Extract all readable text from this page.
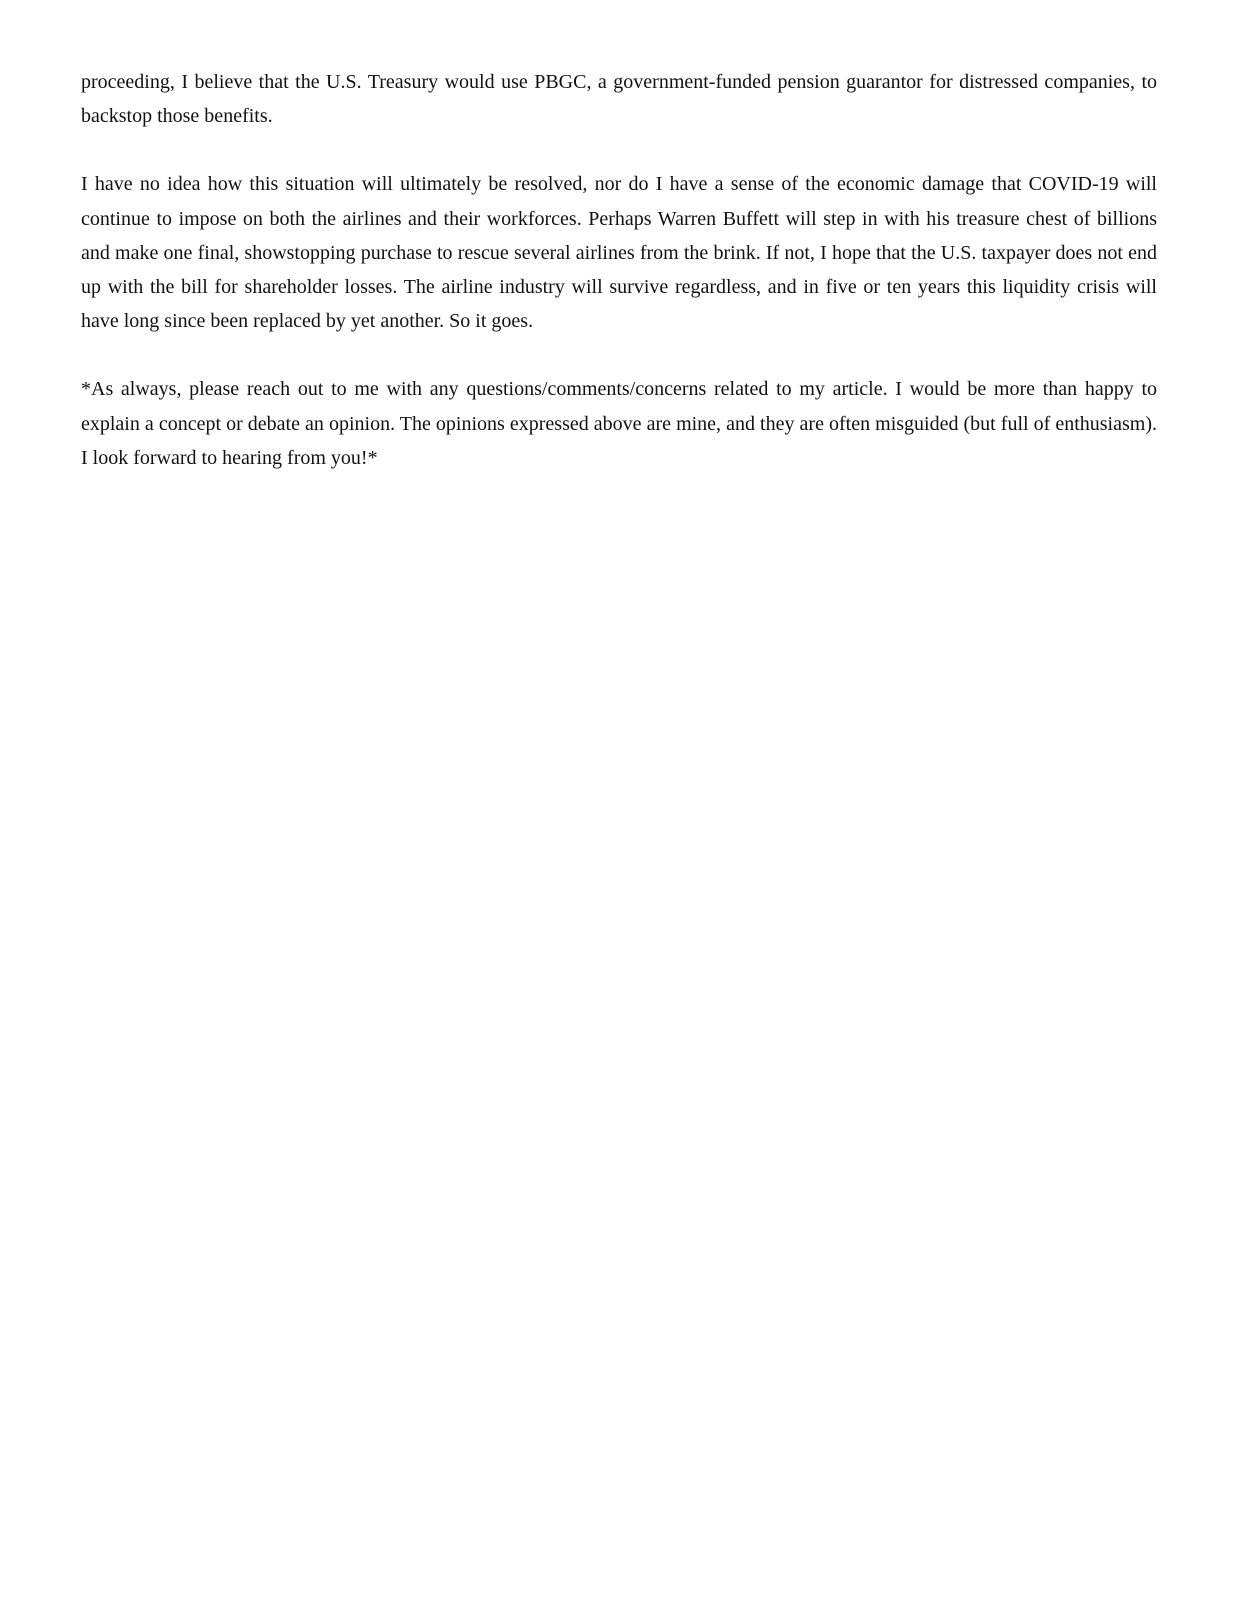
proceeding, I believe that the U.S. Treasury would use PBGC, a government-funded pension guarantor for distressed companies, to backstop those benefits.

I have no idea how this situation will ultimately be resolved, nor do I have a sense of the economic damage that COVID-19 will continue to impose on both the airlines and their workforces. Perhaps Warren Buffett will step in with his treasure chest of billions and make one final, showstopping purchase to rescue several airlines from the brink. If not, I hope that the U.S. taxpayer does not end up with the bill for shareholder losses. The airline industry will survive regardless, and in five or ten years this liquidity crisis will have long since been replaced by yet another. So it goes.

*As always, please reach out to me with any questions/comments/concerns related to my article. I would be more than happy to explain a concept or debate an opinion. The opinions expressed above are mine, and they are often misguided (but full of enthusiasm). I look forward to hearing from you!*
